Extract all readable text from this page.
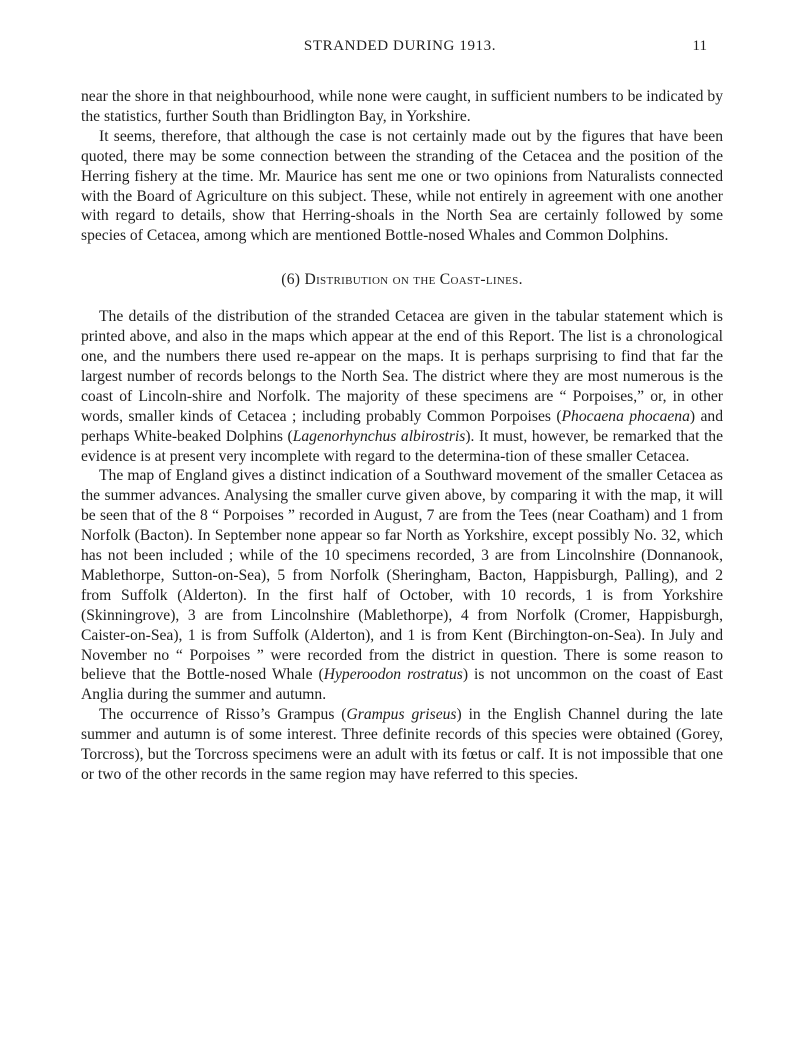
STRANDED DURING 1913.	11

near the shore in that neighbourhood, while none were caught, in sufficient numbers to be indicated by the statistics, further South than Bridlington Bay, in Yorkshire.

It seems, therefore, that although the case is not certainly made out by the figures that have been quoted, there may be some connection between the stranding of the Cetacea and the position of the Herring fishery at the time. Mr. Maurice has sent me one or two opinions from Naturalists connected with the Board of Agriculture on this subject. These, while not entirely in agreement with one another with regard to details, show that Herring-shoals in the North Sea are certainly followed by some species of Cetacea, among which are mentioned Bottle-nosed Whales and Common Dolphins.

(6) Distribution on the Coast-lines.

The details of the distribution of the stranded Cetacea are given in the tabular statement which is printed above, and also in the maps which appear at the end of this Report. The list is a chronological one, and the numbers there used re-appear on the maps. It is perhaps surprising to find that far the largest number of records belongs to the North Sea. The district where they are most numerous is the coast of Lincoln-shire and Norfolk. The majority of these specimens are “ Porpoises,” or, in other words, smaller kinds of Cetacea ; including probably Common Porpoises (Phocaena phocaena) and perhaps White-beaked Dolphins (Lagenorhynchus albirostris). It must, however, be remarked that the evidence is at present very incomplete with regard to the determina-tion of these smaller Cetacea.

The map of England gives a distinct indication of a Southward movement of the smaller Cetacea as the summer advances. Analysing the smaller curve given above, by comparing it with the map, it will be seen that of the 8 “ Porpoises ” recorded in August, 7 are from the Tees (near Coatham) and 1 from Norfolk (Bacton). In September none appear so far North as Yorkshire, except possibly No. 32, which has not been included ; while of the 10 specimens recorded, 3 are from Lincolnshire (Donnanook, Mablethorpe, Sutton-on-Sea), 5 from Norfolk (Sheringham, Bacton, Happisburgh, Palling), and 2 from Suffolk (Alderton). In the first half of October, with 10 records, 1 is from Yorkshire (Skinningrove), 3 are from Lincolnshire (Mablethorpe), 4 from Norfolk (Cromer, Happisburgh, Caister-on-Sea), 1 is from Suffolk (Alderton), and 1 is from Kent (Birchington-on-Sea). In July and November no “ Porpoises ” were recorded from the district in question. There is some reason to believe that the Bottle-nosed Whale (Hyperoodon rostratus) is not uncommon on the coast of East Anglia during the summer and autumn.

The occurrence of Risso’s Grampus (Grampus griseus) in the English Channel during the late summer and autumn is of some interest. Three definite records of this species were obtained (Gorey, Torcross), but the Torcross specimens were an adult with its fœtus or calf. It is not impossible that one or two of the other records in the same region may have referred to this species.
